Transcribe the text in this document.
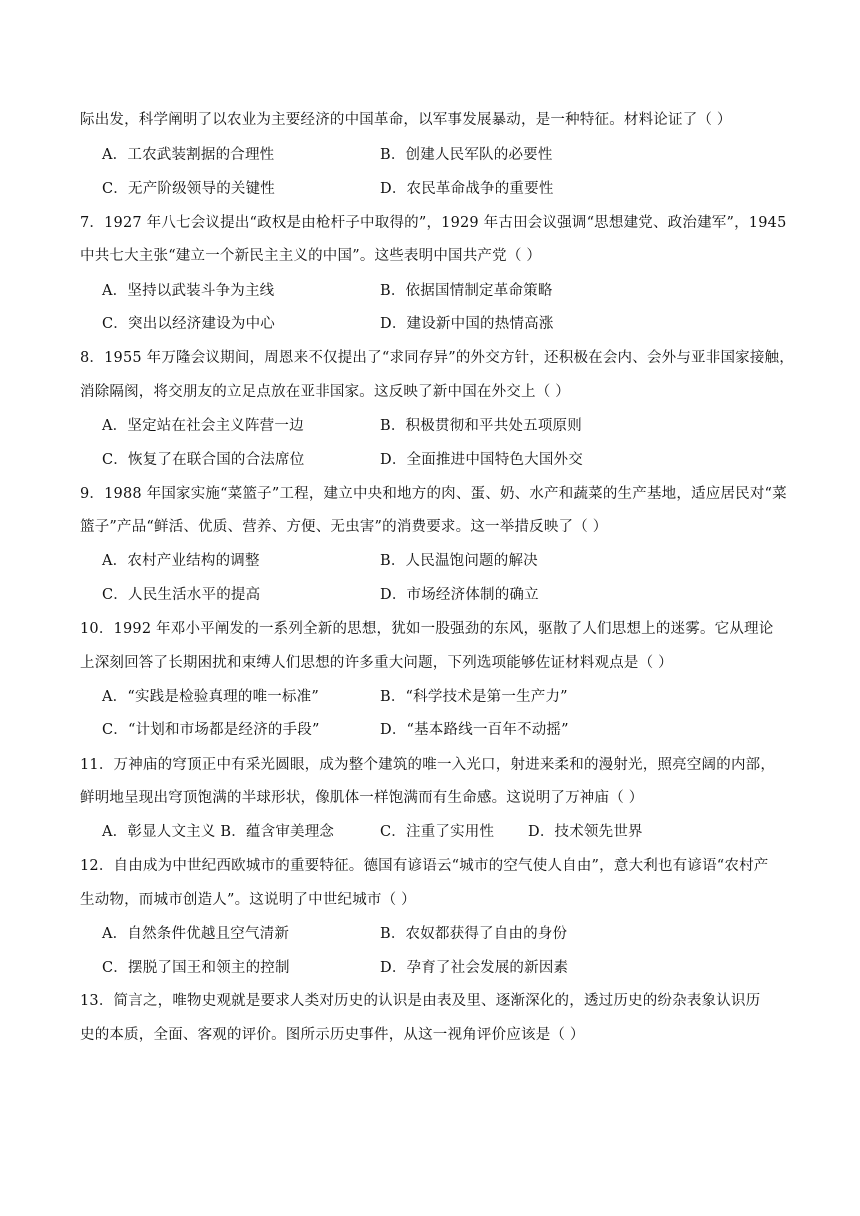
际出发，科学阐明了以农业为主要经济的中国革命，以军事发展暴动，是一种特征。材料论证了（ ）
A．工农武装割据的合理性	B．创建人民军队的必要性
C．无产阶级领导的关键性	D．农民革命战争的重要性
7．1927 年八七会议提出“政权是由枪杆子中取得的”，1929 年古田会议强调“思想建党、政治建军”，1945
中共七大主张“建立一个新民主主义的中国”。这些表明中国共产党（ ）
A．坚持以武装斗争为主线	B．依据国情制定革命策略
C．突出以经济建设为中心	D．建设新中国的热情高涨
8．1955 年万隆会议期间，周恩来不仅提出了“求同存异”的外交方针，还积极在会内、会外与亚非国家接触，
消除隔阂，将交朋友的立足点放在亚非国家。这反映了新中国在外交上（ ）
A．坚定站在社会主义阵营一边	B．积极贯彻和平共处五项原则
C．恢复了在联合国的合法席位	D．全面推进中国特色大国外交
9．1988 年国家实施“菜篮子”工程，建立中央和地方的肉、蛋、奶、水产和蔬菜的生产基地，适应居民对“菜
篮子”产品“鲜活、优质、营养、方便、无虫害”的消费要求。这一举措反映了（ ）
A．农村产业结构的调整	B．人民温饱问题的解决
C．人民生活水平的提高	D．市场经济体制的确立
10．1992 年邓小平阐发的一系列全新的思想，犹如一股强劲的东风，驱散了人们思想上的迷雾。它从理论
上深刻回答了长期困扰和束缚人们思想的许多重大问题，下列选项能够佐证材料观点是（ ）
A．“实践是检验真理的唯一标准”	B．“科学技术是第一生产力”
C．“计划和市场都是经济的手段”	D．“基本路线一百年不动摇”
11．万神庙的穹顶正中有采光圆眼，成为整个建筑的唯一入光口，射进来柔和的漫射光，照亮空阔的内部，
鲜明地呈现出穹顶饱满的半球形状，像肌体一样饱满而有生命感。这说明了万神庙（ ）
A．彰显人文主义 B．蕴含审美理念	C．注重了实用性 D．技术领先世界
12．自由成为中世纪西欧城市的重要特征。德国有谚语云“城市的空气使人自由”，意大利也有谚语“农村产
生动物，而城市创造人”。这说明了中世纪城市（ ）
A．自然条件优越且空气清新	B．农奴都获得了自由的身份
C．摆脱了国王和领主的控制	D．孕育了社会发展的新因素
13．简言之，唯物史观就是要求人类对历史的认识是由表及里、逐渐深化的，透过历史的纷杂表象认识历
史的本质，全面、客观的评价。图所示历史事件，从这一视角评价应该是（ ）
